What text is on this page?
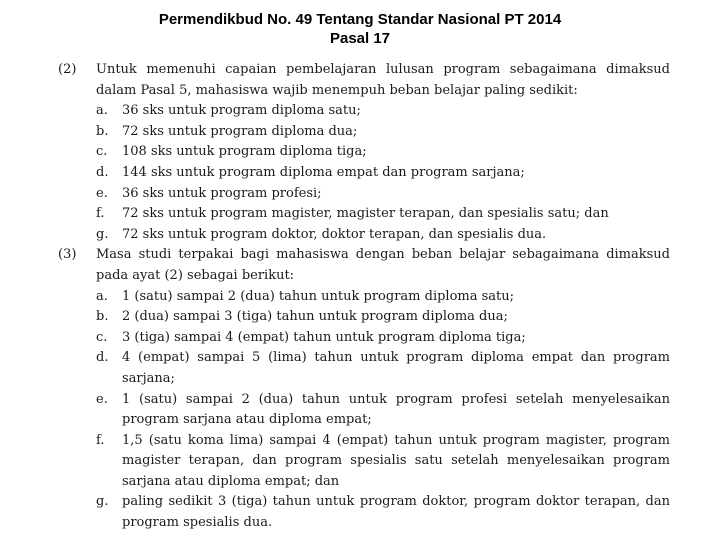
Permendikbud No. 49 Tentang Standar Nasional PT 2014
Pasal 17
(2)	Untuk memenuhi capaian pembelajaran lulusan program sebagaimana dimaksud dalam Pasal 5, mahasiswa wajib menempuh beban belajar paling sedikit:
a.	36 sks untuk program diploma satu;
b.	72 sks untuk program diploma dua;
c.	108 sks untuk program diploma tiga;
d.	144 sks untuk program diploma empat dan program sarjana;
e.	36 sks untuk program profesi;
f.	72 sks untuk program magister, magister terapan, dan spesialis satu; dan
g.	72 sks untuk program doktor, doktor terapan, dan spesialis dua.
(3)	Masa studi terpakai bagi mahasiswa dengan beban belajar sebagaimana dimaksud pada ayat (2) sebagai berikut:
a.	1 (satu) sampai 2 (dua) tahun untuk program diploma satu;
b.	2 (dua) sampai 3 (tiga) tahun untuk program diploma dua;
c.	3 (tiga) sampai 4 (empat) tahun untuk program diploma tiga;
d.	4 (empat) sampai 5 (lima) tahun untuk program diploma empat dan program sarjana;
e.	1 (satu) sampai 2 (dua) tahun untuk program profesi setelah menyelesaikan program sarjana atau diploma empat;
f.	1,5 (satu koma lima) sampai 4 (empat) tahun untuk program magister, program magister terapan, dan program spesialis satu setelah menyelesaikan program sarjana atau diploma empat; dan
g.	paling sedikit 3 (tiga) tahun untuk program doktor, program doktor terapan, dan program spesialis dua.
